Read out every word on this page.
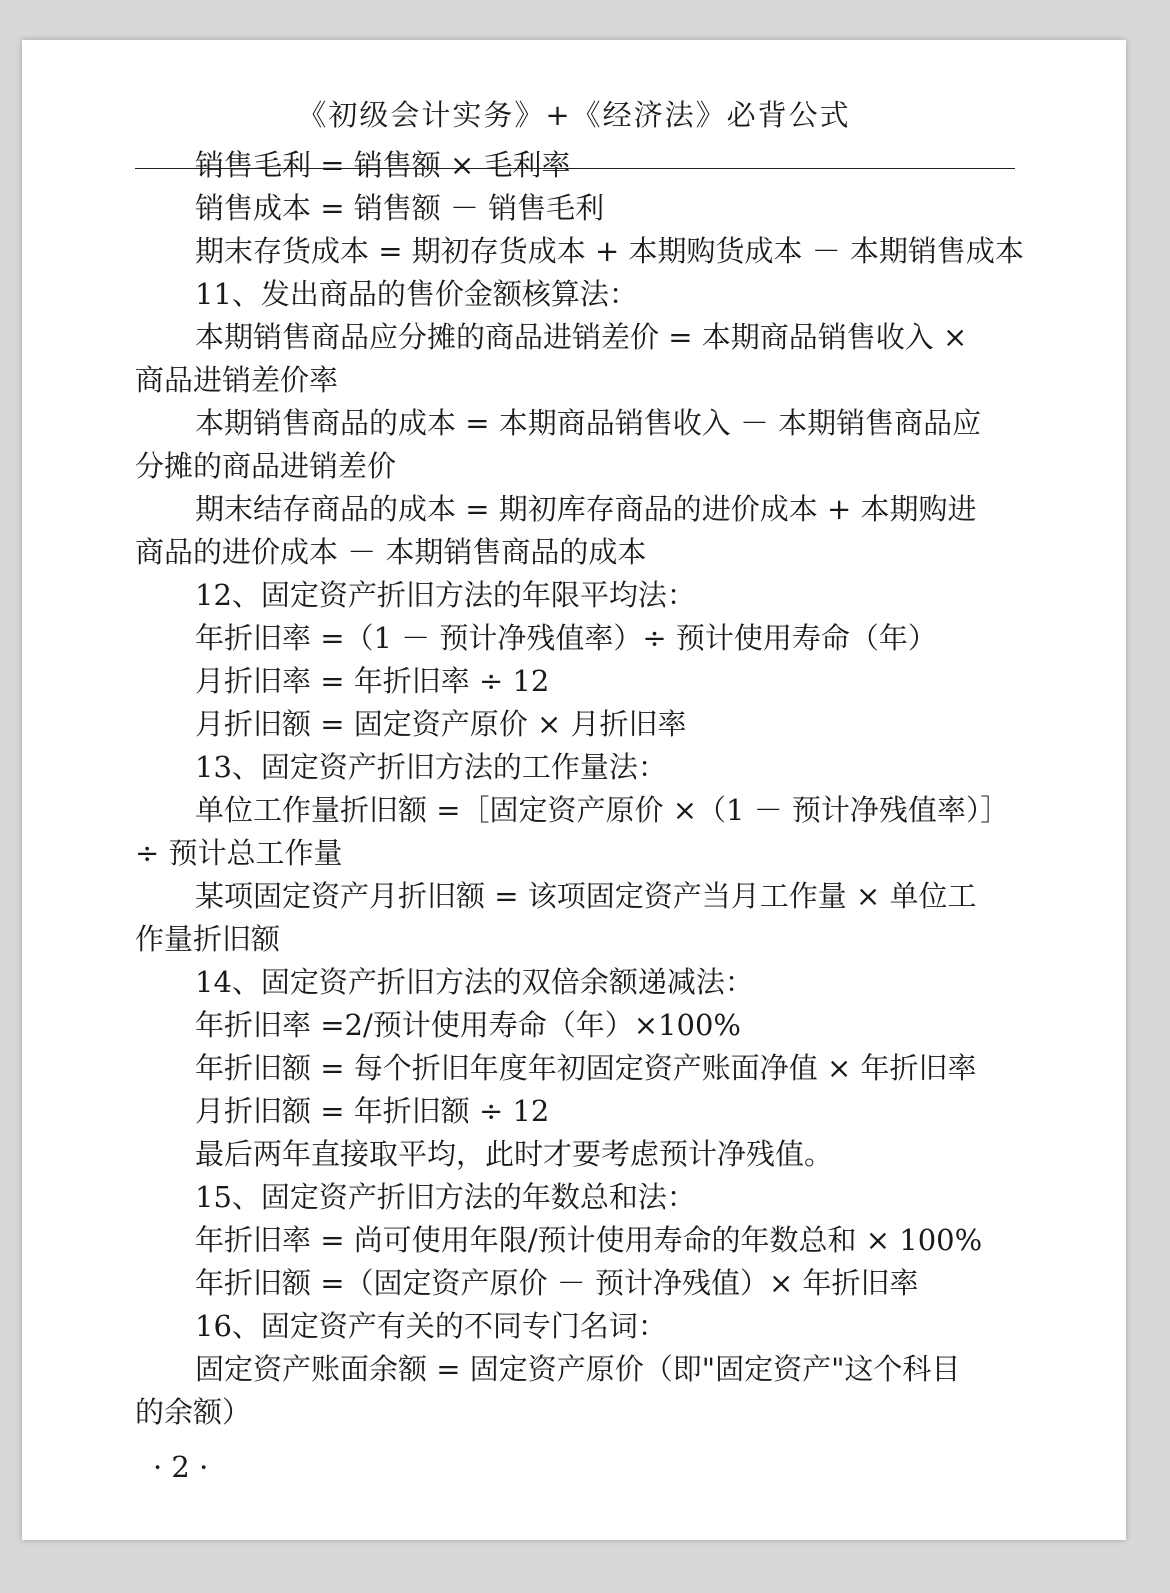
《初级会计实务》+《经济法》必背公式
销售毛利 = 销售额 × 毛利率
销售成本 = 销售额 － 销售毛利
期末存货成本 = 期初存货成本 + 本期购货成本 － 本期销售成本
11、发出商品的售价金额核算法：
本期销售商品应分摊的商品进销差价 = 本期商品销售收入 ×
商品进销差价率
本期销售商品的成本 = 本期商品销售收入 － 本期销售商品应
分摊的商品进销差价
期末结存商品的成本 = 期初库存商品的进价成本 + 本期购进
商品的进价成本 － 本期销售商品的成本
12、固定资产折旧方法的年限平均法：
年折旧率 =（1 － 预计净残值率）÷ 预计使用寿命（年）
月折旧率 = 年折旧率 ÷ 12
月折旧额 = 固定资产原价 × 月折旧率
13、固定资产折旧方法的工作量法：
单位工作量折旧额 =［固定资产原价 ×（1 － 预计净残值率）］
÷ 预计总工作量
某项固定资产月折旧额 = 该项固定资产当月工作量 × 单位工
作量折旧额
14、固定资产折旧方法的双倍余额递减法：
年折旧率 =2/预计使用寿命（年）×100%
年折旧额 = 每个折旧年度年初固定资产账面净值 × 年折旧率
月折旧额 = 年折旧额 ÷ 12
最后两年直接取平均，此时才要考虑预计净残值。
15、固定资产折旧方法的年数总和法：
年折旧率 = 尚可使用年限/预计使用寿命的年数总和 × 100%
年折旧额 =（固定资产原价 － 预计净残值）× 年折旧率
16、固定资产有关的不同专门名词：
固定资产账面余额 = 固定资产原价（即"固定资产"这个科目
的余额）
· 2 ·
